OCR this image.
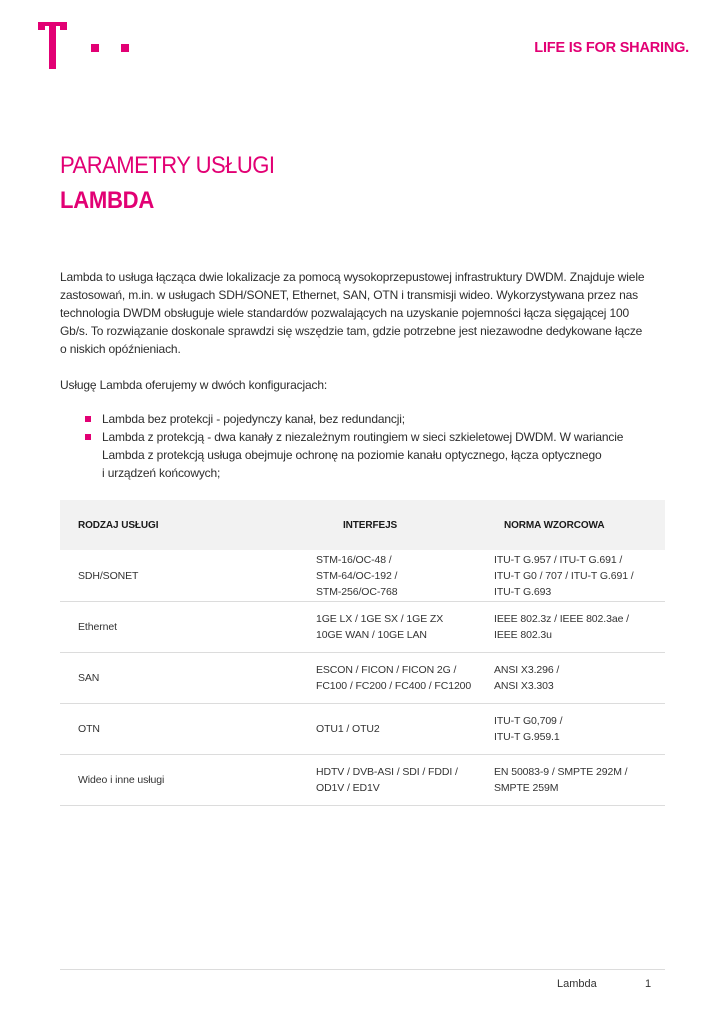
LIFE IS FOR SHARING.
PARAMETRY USŁUGI
LAMBDA

Lambda to usługa łącząca dwie lokalizacje za pomocą wysokoprzepustowej infrastruktury DWDM. Znajduje wiele

zastosowań, m.in. w usługach SDH/SONET, Ethernet, SAN, OTN i transmisji wideo. Wykorzystywana przez nas

technologia DWDM obsługuje wiele standardów pozwalających na uzyskanie pojemności łącza sięgającej 100

Gb/s. To rozwiązanie doskonale sprawdzi się wszędzie tam, gdzie potrzebne jest niezawodne dedykowane łącze

o niskich opóźnieniach.

Usługę Lambda oferujemy w dwóch konfiguracjach:
Lambda bez protekcji - pojedynczy kanał, bez redundancji;
Lambda z protekcją - dwa kanały z niezależnym routingiem w sieci szkieletowej DWDM. W wariancie
Lambda z protekcją usługa obejmuje ochronę na poziomie kanału optycznego, łącza optycznego
i urządzeń końcowych;
RODZAJ USŁUGI	INTERFEJS	NORMA WZORCOWA
SDH/SONET	STM-16/OC-48 /
STM-64/OC-192 /
STM-256/OC-768	ITU-T G.957 / ITU-T G.691 /
ITU-T G0 / 707 / ITU-T G.691 /
ITU-T G.693

Ethernet	1GE LX / 1GE SX / 1GE ZX
10GE WAN / 10GE LAN	IEEE 802.3z / IEEE 802.3ae /
IEEE 802.3u

SAN	ESCON / FICON / FICON 2G /
FC100 / FC200 / FC400 / FC1200	ANSI X3.296 /
ANSI X3.303

OTN	OTU1 / OTU2	ITU-T G0,709 /
ITU-T G.959.1

Wideo i inne usługi	HDTV / DVB-ASI / SDI / FDDI /
OD1V / ED1V	EN 50083-9 / SMPTE 292M /
SMPTE 259M
Lambda	1
